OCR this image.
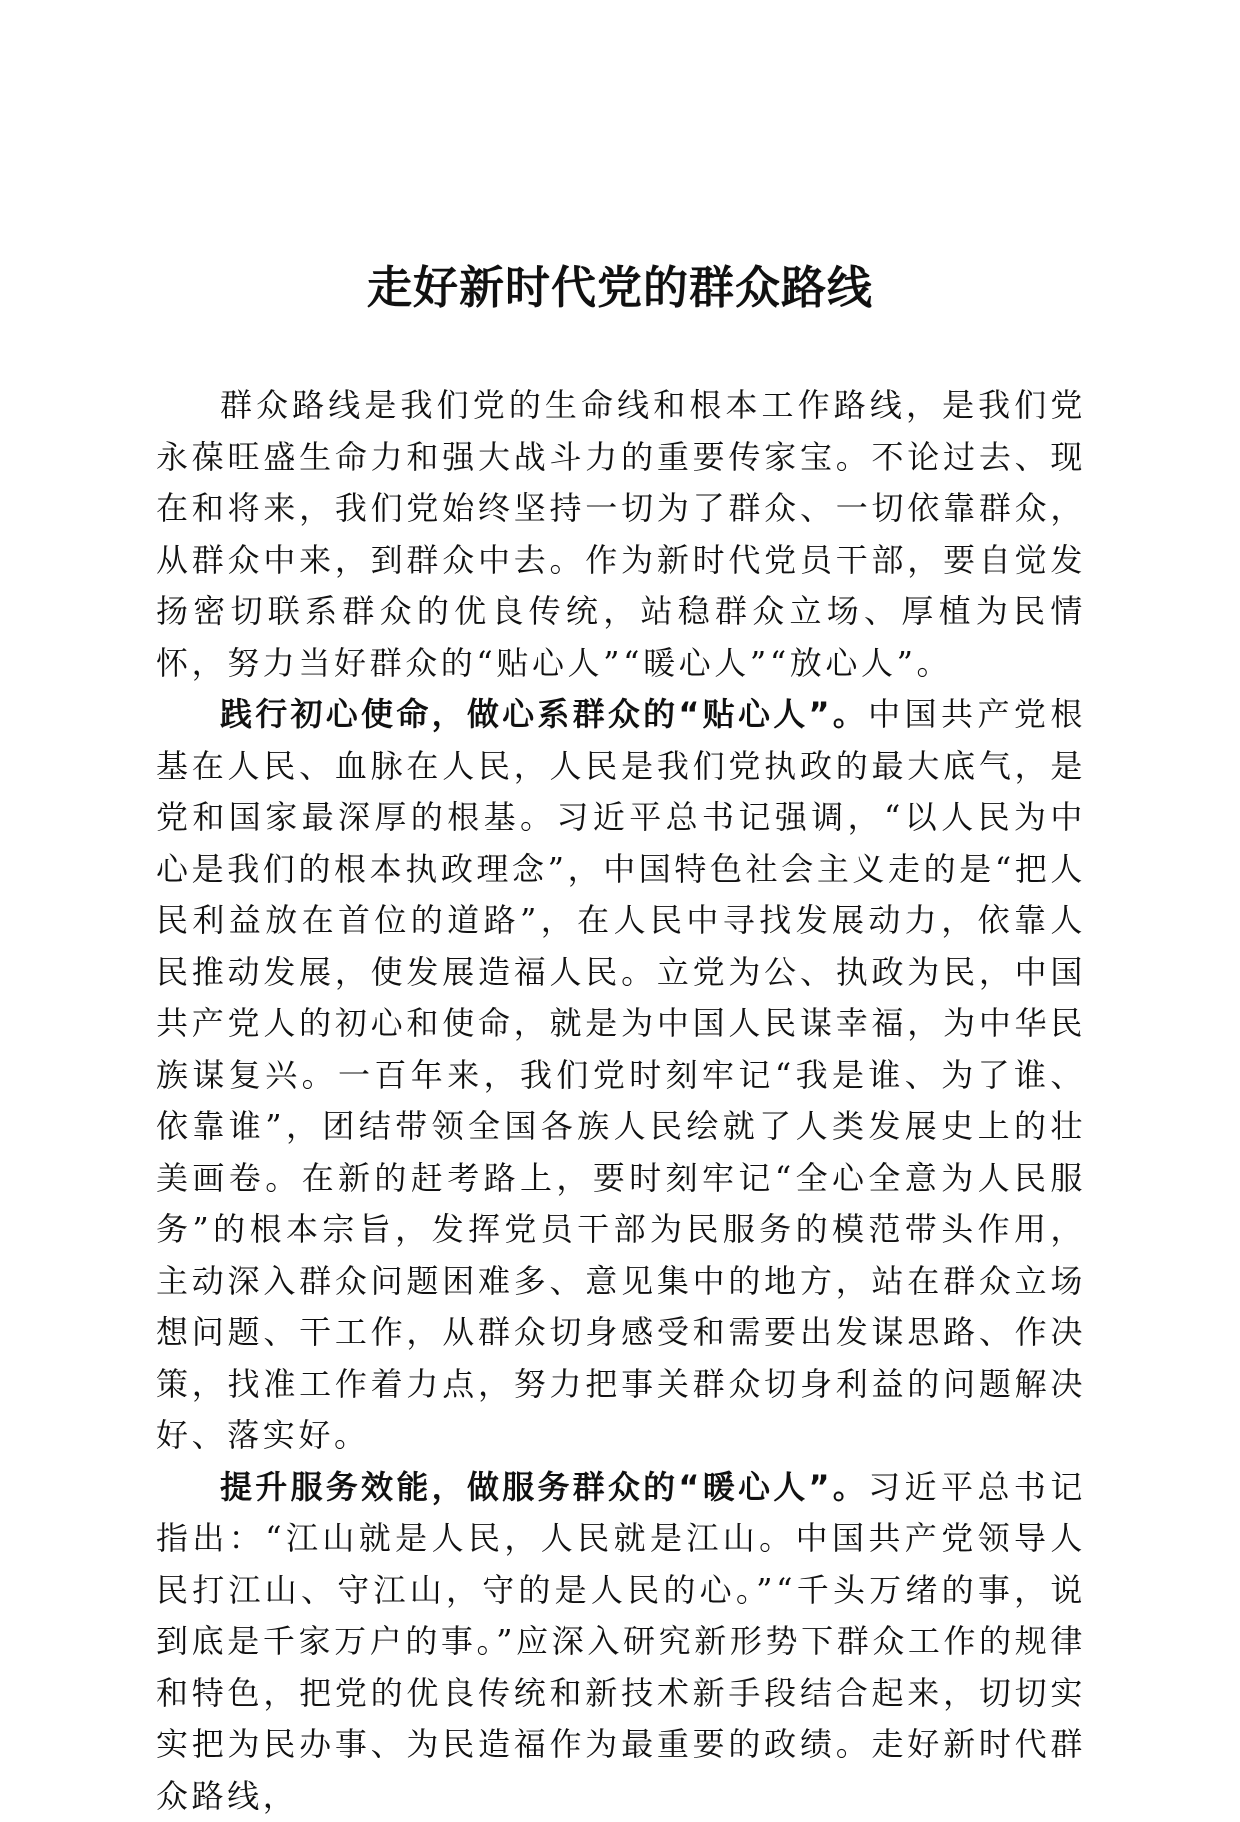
走好新时代党的群众路线

群众路线是我们党的生命线和根本工作路线，是我们党永葆旺盛生命力和强大战斗力的重要传家宝。不论过去、现在和将来，我们党始终坚持一切为了群众、一切依靠群众，从群众中来，到群众中去。作为新时代党员干部，要自觉发扬密切联系群众的优良传统，站稳群众立场、厚植为民情怀，努力当好群众的“贴心人”“暖心人”“放心人”。

践行初心使命，做心系群众的“贴心人”。中国共产党根基在人民、血脉在人民，人民是我们党执政的最大底气，是党和国家最深厚的根基。习近平总书记强调，“以人民为中心是我们的根本执政理念”，中国特色社会主义走的是“把人民利益放在首位的道路”，在人民中寻找发展动力，依靠人民推动发展，使发展造福人民。立党为公、执政为民，中国共产党人的初心和使命，就是为中国人民谋幸福，为中华民族谋复兴。一百年来，我们党时刻牢记“我是谁、为了谁、依靠谁”，团结带领全国各族人民绘就了人类发展史上的壮美画卷。在新的赶考路上，要时刻牢记“全心全意为人民服务”的根本宗旨，发挥党员干部为民服务的模范带头作用，主动深入群众问题困难多、意见集中的地方，站在群众立场想问题、干工作，从群众切身感受和需要出发谋思路、作决策，找准工作着力点，努力把事关群众切身利益的问题解决好、落实好。

提升服务效能，做服务群众的“暖心人”。习近平总书记指出：“江山就是人民，人民就是江山。中国共产党领导人民打江山、守江山，守的是人民的心。”“千头万绪的事，说到底是千家万户的事。”应深入研究新形势下群众工作的规律和特色，把党的优良传统和新技术新手段结合起来，切切实实把为民办事、为民造福作为最重要的政绩。走好新时代群众路线，
